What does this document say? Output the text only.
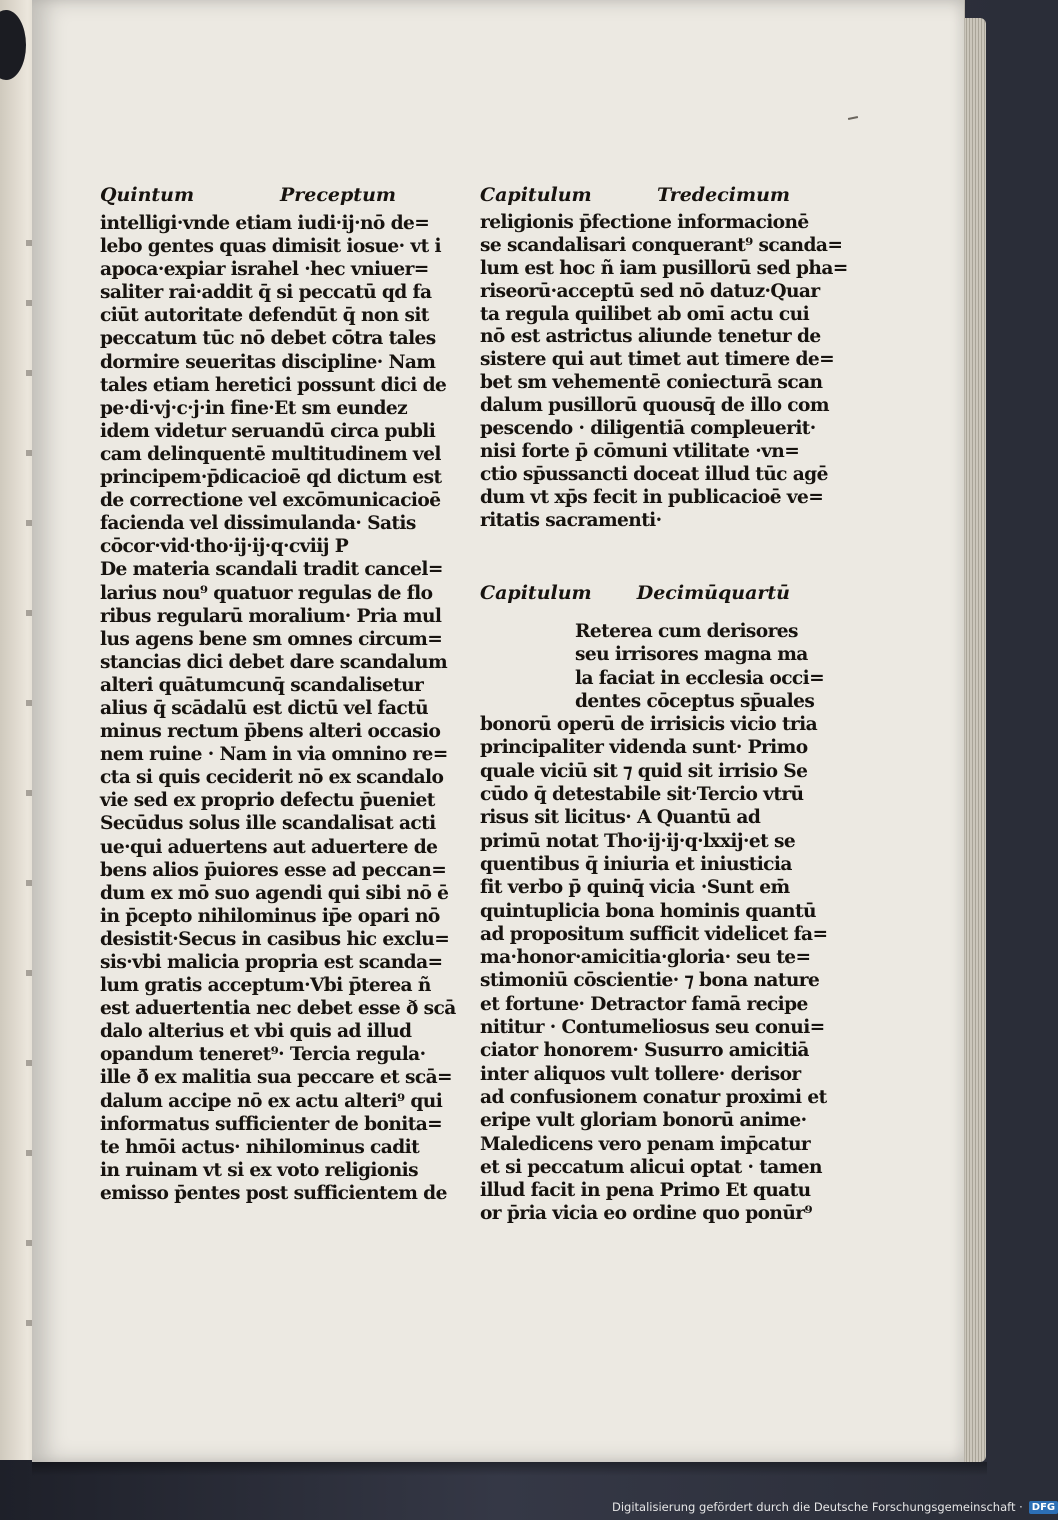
Quintum	Preceptum
intelligi·vnde etiam iudi·ij·nō de=
lebo gentes quas dimisit iosue· vt i
apoca·expiar israhel ·hec vniuer=
saliter rai·addit q̄ si peccatū qd fa
ciūt autoritate defendūt q̄ non sit
peccatum tūc nō debet cōtra tales
dormire seueritas discipline· Nam
tales etiam heretici possunt dici de
pe·di·vj·c·j·in fine·Et sm eundez
idem videtur seruandū circa publi
cam delinquentē multitudinem vel
principem·p̄dicacioē qd dictum est
de correctione vel excōmunicacioē
facienda vel dissimulanda· Satis
cōcor·vid·tho·ij·ij·q·cviij P
De materia scandali tradit cancel=
larius nou⁹ quatuor regulas de flo
ribus regularū moralium· Pria mul
lus agens bene sm omnes circum=
stancias dici debet dare scandalum
alteri quātumcunq̄ scandalisetur
alius q̄ scādalū est dictū vel factū
minus rectum p̄bens alteri occasio
nem ruine · Nam in via omnino re=
cta si quis ceciderit nō ex scandalo
vie sed ex proprio defectu p̄ueniet
Secūdus solus ille scandalisat acti
ue·qui aduertens aut aduertere de
bens alios p̄uiores esse ad peccan=
dum ex mō suo agendi qui sibi nō ē
in p̄cepto nihilominus ip̄e opari nō
desistit·Secus in casibus hic exclu=
sis·vbi malicia propria est scanda=
lum gratis acceptum·Vbi p̄terea ñ
est aduertentia nec debet esse ð scā
dalo alterius et vbi quis ad illud
opandum teneret⁹· Tercia regula·
ille ð̄ ex malitia sua peccare et scā=
dalum accipe nō ex actu alteri⁹ qui
informatus sufficienter de bonita=
te hmōi actus· nihilominus cadit
in ruinam vt si ex voto religionis
emisso p̄entes post sufficientem de
Capitulum	Tredecimum
religionis p̄fectione informacionē
se scandalisari conquerant⁹ scanda=
lum est hoc ñ iam pusillorū sed pha=
riseorū·acceptū sed nō datuz·Quar
ta regula quilibet ab omī actu cui
nō est astrictus aliunde tenetur de
sistere qui aut timet aut timere de=
bet sm vehementē coniecturā scan
dalum pusillorū quousq̄ de illo com
pescendo · diligentiā compleuerit·
nisi forte p̄ cōmuni vtilitate ·vn=
ctio sp̄ussancti doceat illud tūc agē
dum vt xp̄s fecit in publicacioē ve=
ritatis sacramenti·
Capitulum Decimūquartū
Reterea cum derisores
seu irrisores magna ma
la faciat in ecclesia occi=
dentes cōceptus sp̄uales
bonorū operū de irrisicis vicio tria
principaliter videnda sunt· Primo
quale viciū sit ⁊ quid sit irrisio Se
cūdo q̄ detestabile sit·Tercio vtrū
risus sit licitus· A Quantū ad
primū notat Tho·ij·ij·q·lxxij·et se
quentibus q̄ iniuria et iniusticia
fit verbo p̄ quinq̄ vicia ·Sunt em̄
quintuplicia bona hominis quantū
ad propositum sufficit videlicet fa=
ma·honor·amicitia·gloria· seu te=
stimoniū cōscientie· ⁊ bona nature
et fortune· Detractor famā recipe
nititur · Contumeliosus seu conui=
ciator honorem· Susurro amicitiā
inter aliquos vult tollere· derisor
ad confusionem conatur proximi et
eripe vult gloriam bonorū anime·
Maledicens vero penam imp̄catur
et si peccatum alicui optat · tamen
illud facit in pena Primo Et quatu
or p̄ria vicia eo ordine quo ponūr⁹
Digitalisierung gefördert durch die Deutsche Forschungsgemeinschaft · DFG
